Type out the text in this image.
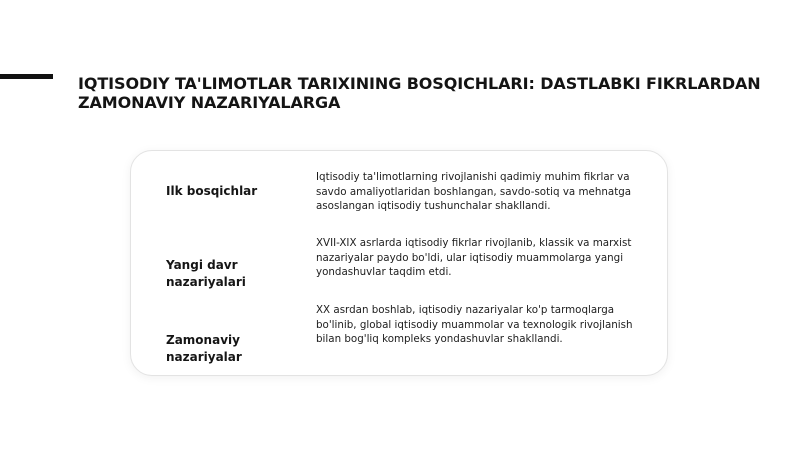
IQTISODIY TA'LIMOTLAR TARIXINING BOSQICHLARI: DASTLABKI FIKRLARDAN ZAMONAVIY NAZARIYALARGA
Ilk bosqichlar
Iqtisodiy ta'limotlarning rivojlanishi qadimiy muhim fikrlar va savdo amaliyotlaridan boshlangan, savdo-sotiq va mehnatga asoslangan iqtisodiy tushunchalar shakllandi.
Yangi davr nazariyalari
XVII-XIX asrlarda iqtisodiy fikrlar rivojlanib, klassik va marxist nazariyalar paydo bo'ldi, ular iqtisodiy muammolarga yangi yondashuvlar taqdim etdi.
Zamonaviy nazariyalar
XX asrdan boshlab, iqtisodiy nazariyalar ko'p tarmoqlarga bo'linib, global iqtisodiy muammolar va texnologik rivojlanish bilan bog'liq kompleks yondashuvlar shakllandi.
